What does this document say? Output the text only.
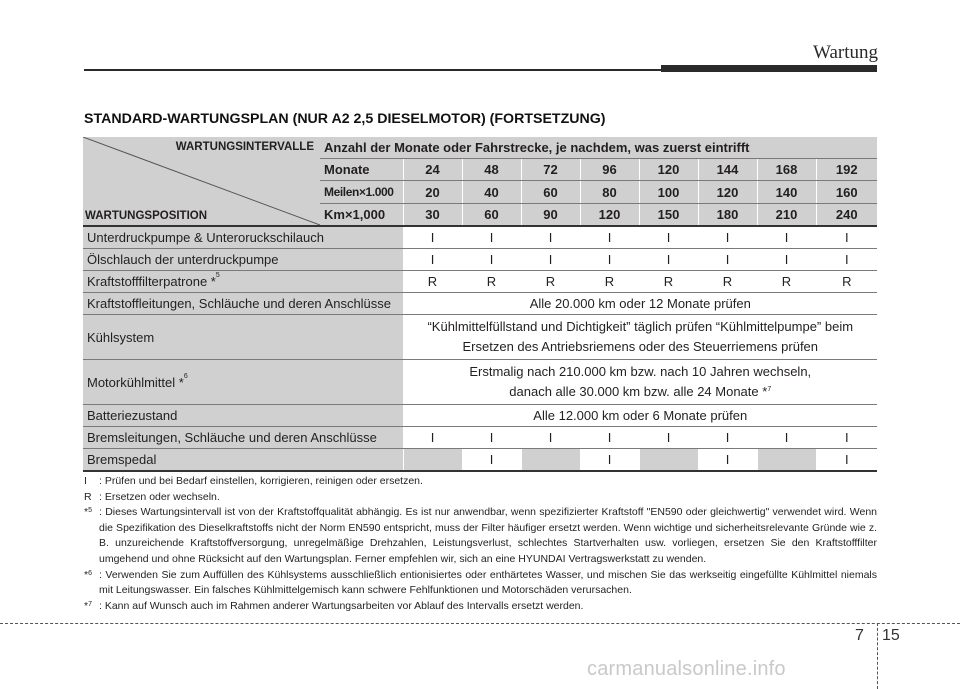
Wartung
STANDARD-WARTUNGSPLAN (NUR A2 2,5 DIESELMOTOR) (FORTSETZUNG)
WARTUNGSINTERVALLE
WARTUNGSPOSITION	Anzahl der Monate oder Fahrstrecke, je nachdem, was zuerst eintrifft								
	Monate	24	48	72	96	120	144	168	192
	Meilen×1.000	20	40	60	80	100	120	140	160
	Km×1,000	30	60	90	120	150	180	210	240
Unterdruckpumpe & Unteroruckschilauch		I	I	I	I	I	I	I	I
Ölschlauch der unterdruckpumpe		I	I	I	I	I	I	I	I
Kraftstofffilterpatrone *$^5$		R	R	R	R	R	R	R	R
Kraftstoffleitungen, Schläuche und deren Anschlüsse		Alle 20.000 km oder 12 Monate prüfen							
Kühlsystem		“Kühlmittelfüllstand und Dichtigkeit” täglich prüfen “Kühlmittelpumpe” beim
Ersetzen des Antriebsriemens oder des Steuerriemens prüfen							

Motorkühlmittel *$^6$		Erstmalig nach 210.000 km bzw. nach 10 Jahren wechseln,
danach alle 30.000 km bzw. alle 24 Monate *$^7$

Batteriezustand		Alle 12.000 km oder 6 Monate prüfen							
Bremsleitungen, Schläuche und deren Anschlüsse		I	I	I	I	I	I	I	I
Bremspedal			I		I		I		I
I	: Prüfen und bei Bedarf einstellen, korrigieren, reinigen oder ersetzen.
R : Ersetzen oder wechseln.
*$^5$ : Dieses Wartungsintervall ist von der Kraftstoffqualität abhängig. Es ist nur anwendbar, wenn spezifizierter Kraftstoff "EN590 oder gleichwertig" verwendet wird. Wenn die Spezifikation des Dieselkraftstoffs nicht der Norm EN590 entspricht, muss der Filter häufiger ersetzt werden. Wenn wichtige und sicherheitsrelevante Gründe wie z. B. unzureichende Kraftstoffversorgung, unregelmäßige Drehzahlen, Leistungsverlust, schlechtes Startverhalten usw. vorliegen, ersetzen Sie den Kraftstofffilter umgehend und ohne Rücksicht auf den Wartungsplan. Ferner empfehlen wir, sich an eine HYUNDAI Vertragswerkstatt zu wenden.
*$^6$ : Verwenden Sie zum Auffüllen des Kühlsystems ausschließlich entionisiertes oder enthärtetes Wasser, und mischen Sie das werkseitig eingefüllte Kühlmittel niemals mit Leitungswasser. Ein falsches Kühlmittelgemisch kann schwere Fehlfunktionen und Motorschäden verursachen.
*$^7$ : Kann auf Wunsch auch im Rahmen anderer Wartungsarbeiten vor Ablauf des Intervalls ersetzt werden.
7 15
carmanualsonline.info
